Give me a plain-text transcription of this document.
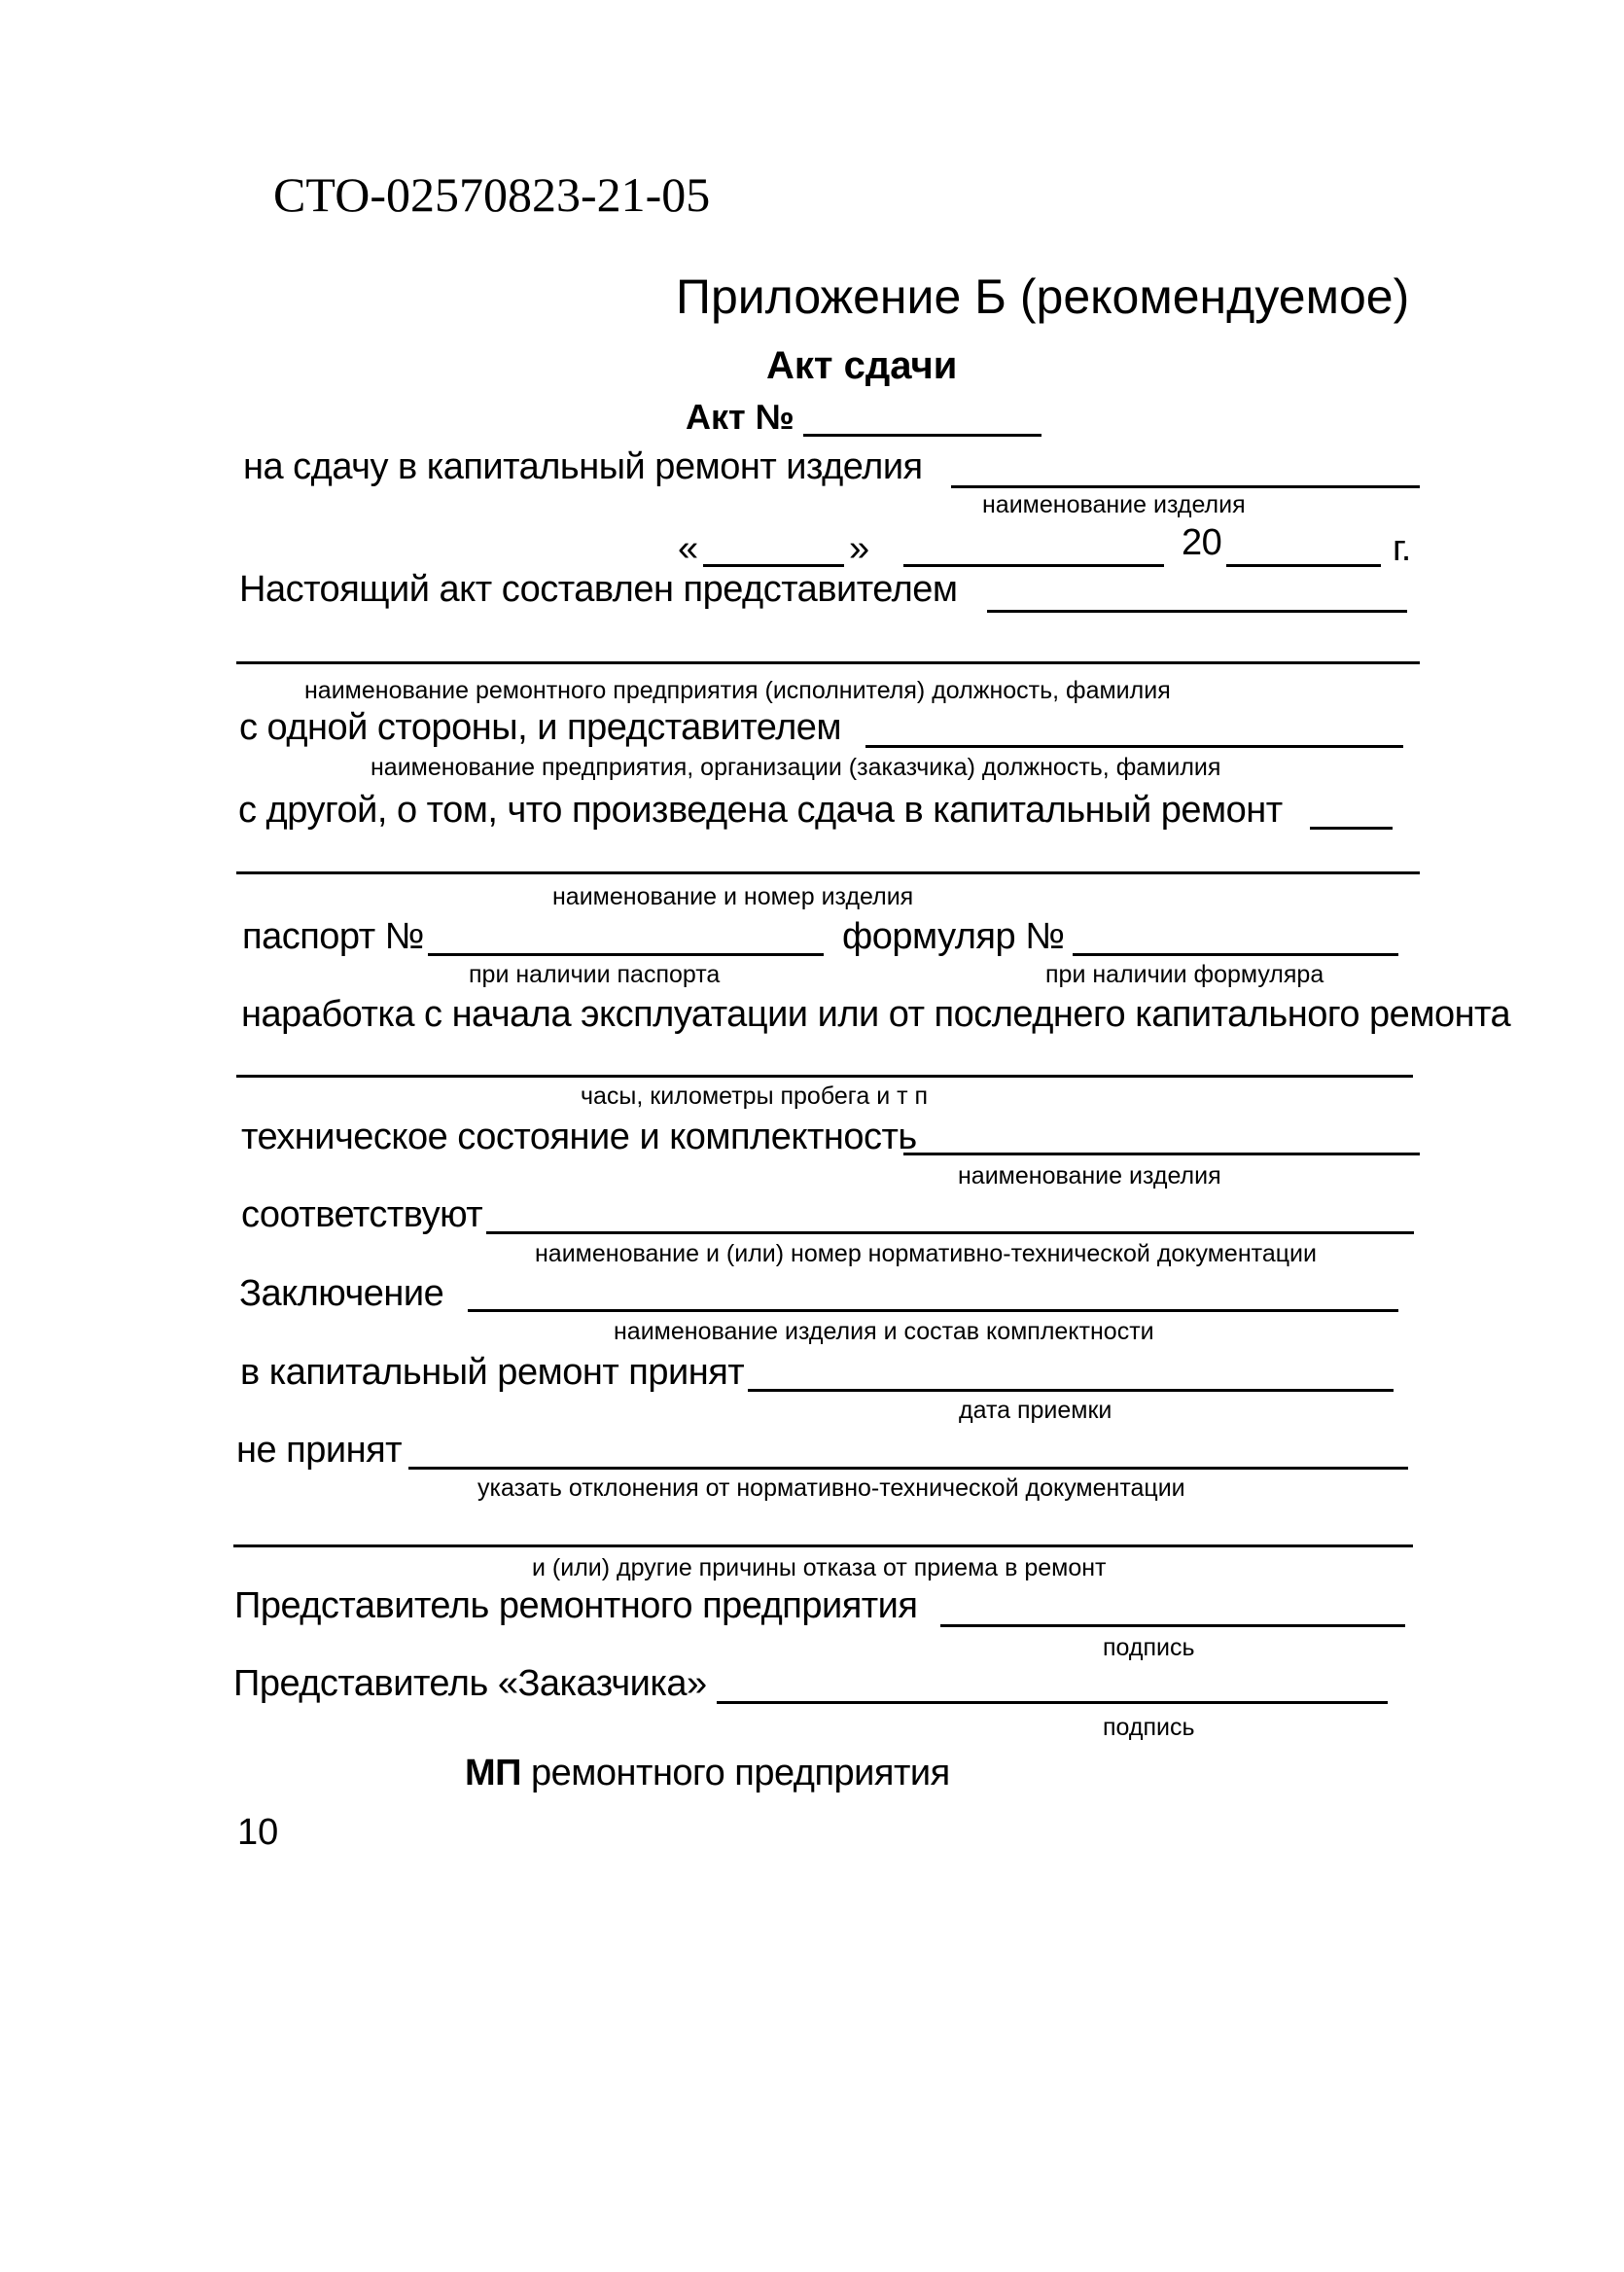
СТО-02570823-21-05
Приложение Б (рекомендуемое)
Акт сдачи
Акт №
на сдачу в капитальный ремонт изделия
наименование изделия
«	»	20	г.
Настоящий акт составлен представителем
наименование ремонтного предприятия (исполнителя) должность, фамилия
с одной стороны, и представителем
наименование предприятия, организации (заказчика) должность, фамилия
с другой, о том, что произведена сдача в капитальный ремонт
наименование и номер изделия
паспорт №	формуляр №
при наличии паспорта	при наличии формуляра
наработка с начала эксплуатации или от последнего капитального ремонта
часы, километры пробега и т п
техническое состояние и комплектность
наименование изделия
соответствуют
наименование и (или) номер нормативно-технической документации
Заключение
наименование изделия и состав комплектности
в капитальный ремонт принят
дата приемки
не принят
указать отклонения от нормативно-технической документации
и (или) другие причины отказа от приема в ремонт
Представитель ремонтного предприятия
подпись
Представитель «Заказчика»
подпись
МП ремонтного предприятия
10
